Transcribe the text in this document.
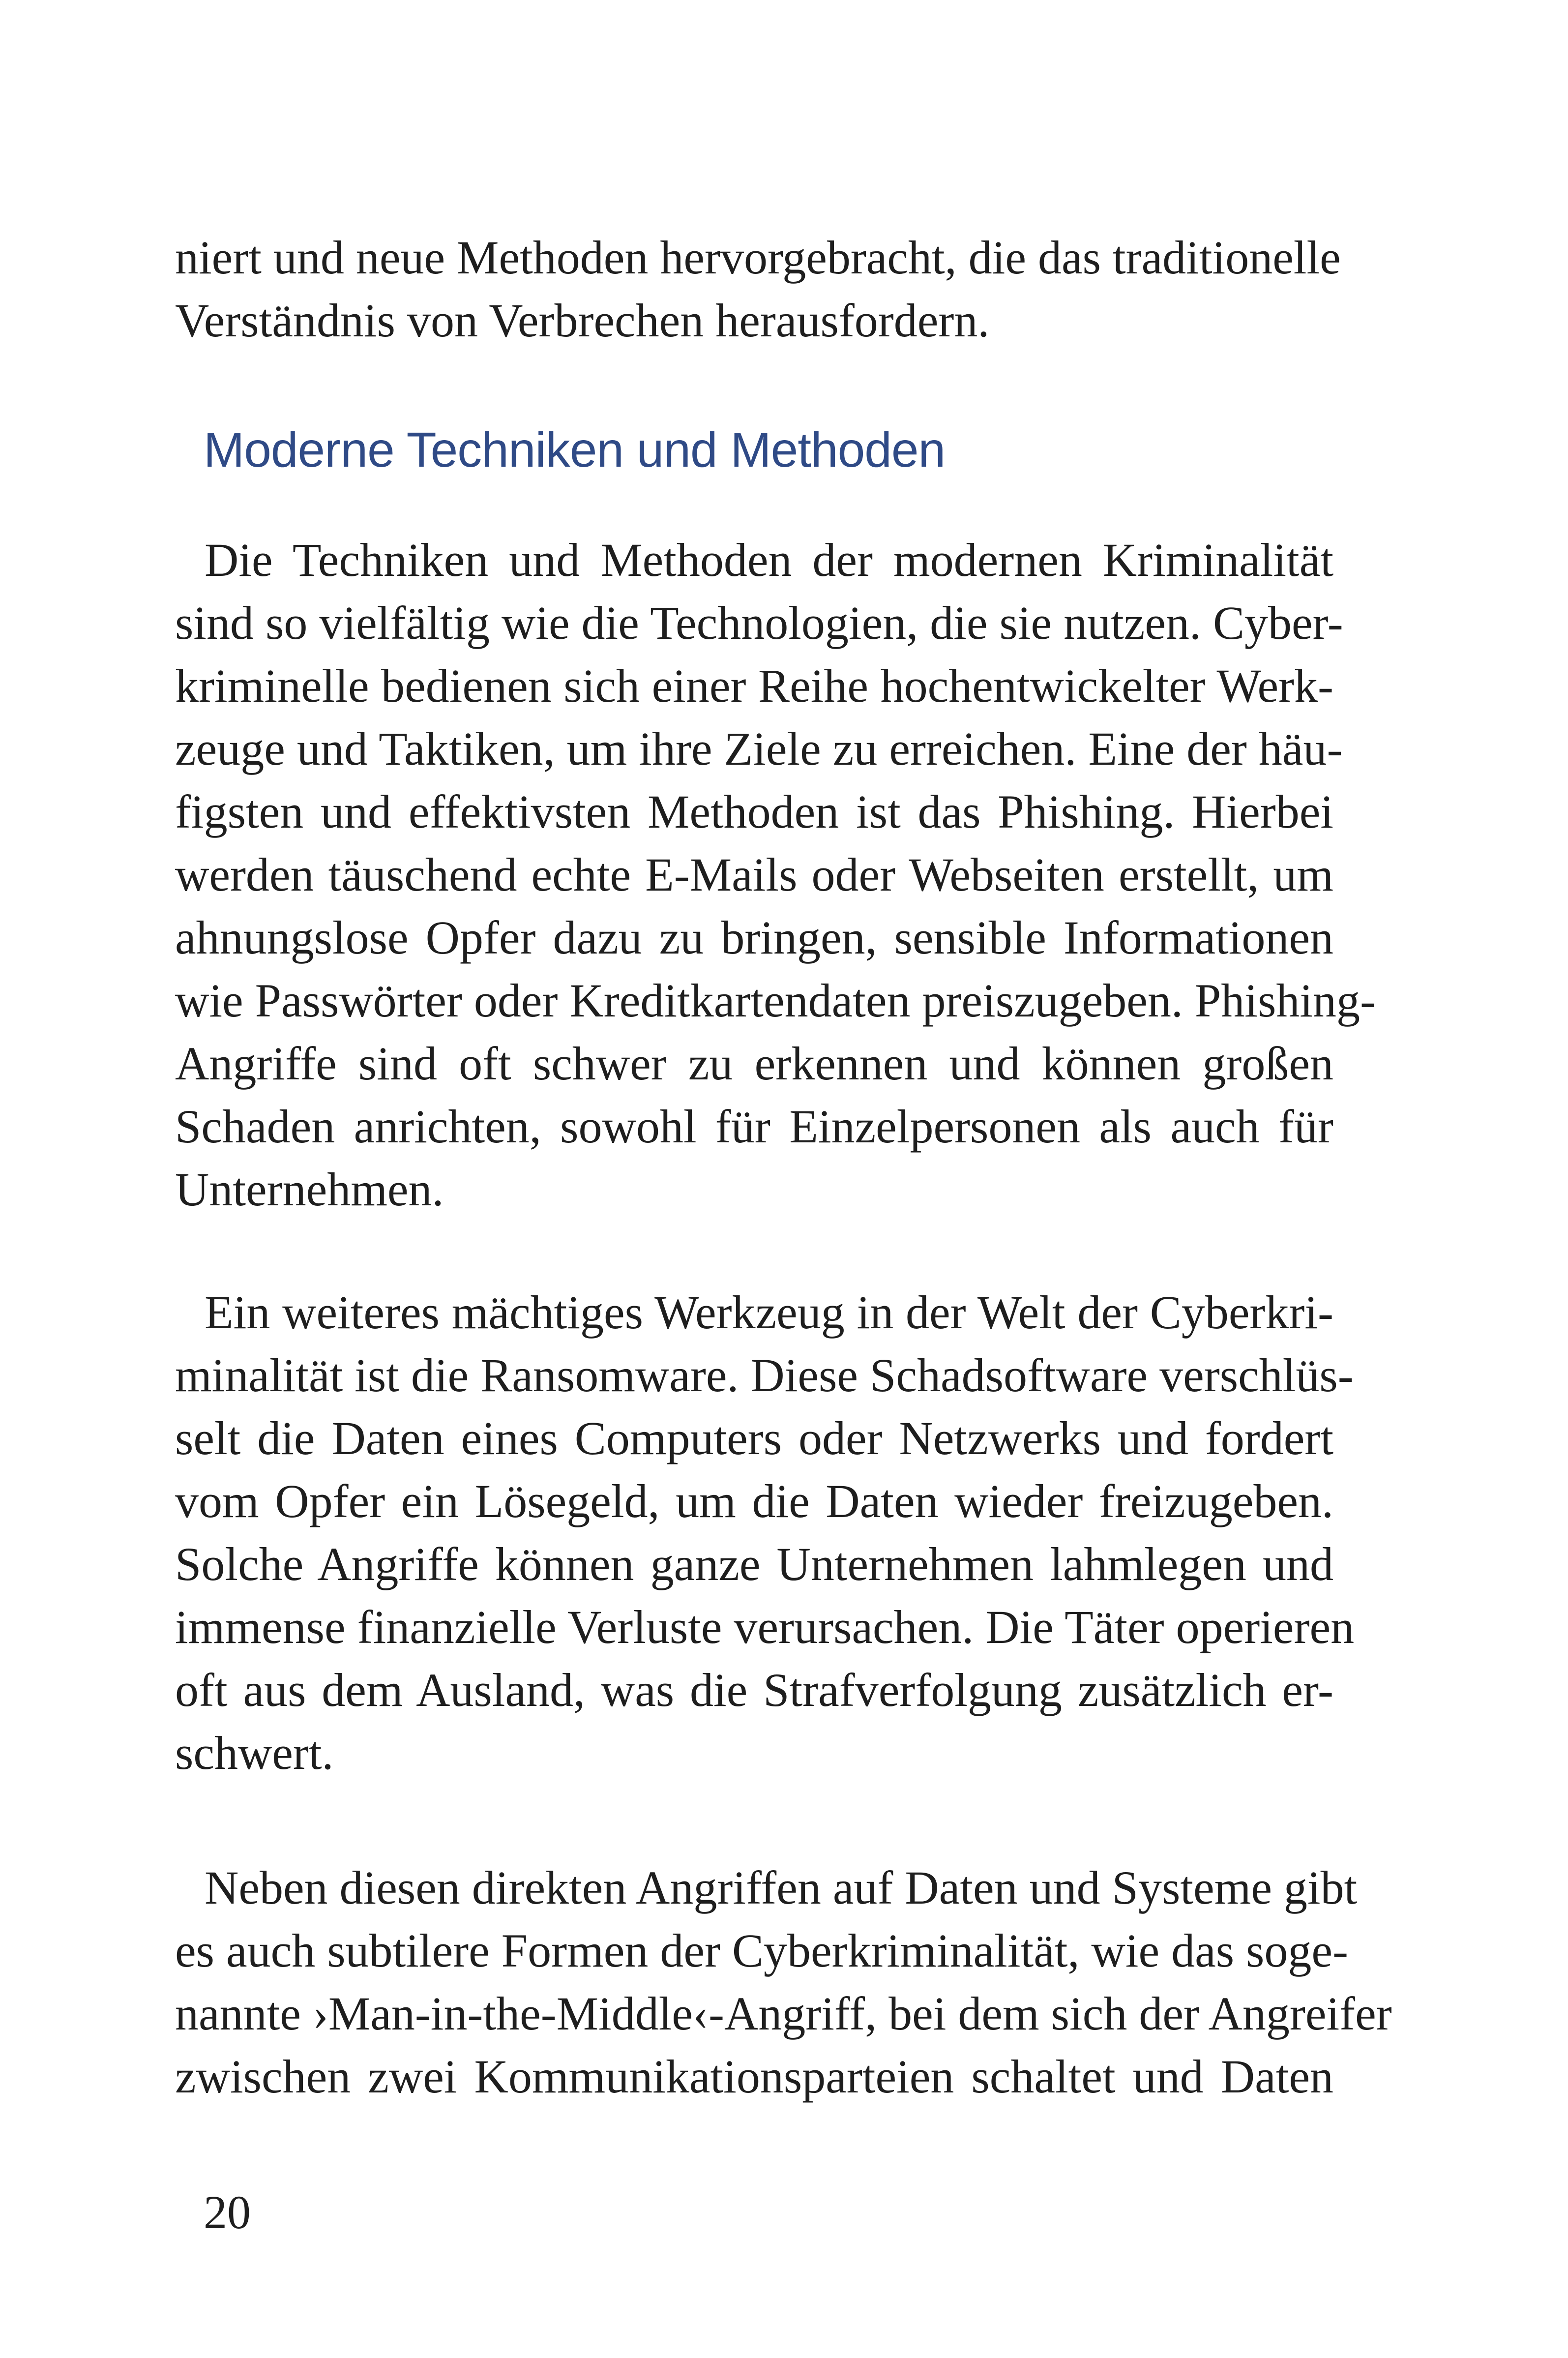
niert und neue Methoden hervorgebracht, die das traditionelle
Verständnis von Verbrechen herausfordern.
Moderne Techniken und Methoden
Die Techniken und Methoden der modernen Kriminalität
sind so vielfältig wie die Technologien, die sie nutzen. Cyber-
kriminelle bedienen sich einer Reihe hochentwickelter Werk-
zeuge und Taktiken, um ihre Ziele zu erreichen. Eine der häu-
figsten und effektivsten Methoden ist das Phishing. Hierbei
werden täuschend echte E-Mails oder Webseiten erstellt, um
ahnungslose Opfer dazu zu bringen, sensible Informationen
wie Passwörter oder Kreditkartendaten preiszugeben. Phishing-
Angriffe sind oft schwer zu erkennen und können großen
Schaden anrichten, sowohl für Einzelpersonen als auch für
Unternehmen.
Ein weiteres mächtiges Werkzeug in der Welt der Cyberkri-
minalität ist die Ransomware. Diese Schadsoftware verschlüs-
selt die Daten eines Computers oder Netzwerks und fordert
vom Opfer ein Lösegeld, um die Daten wieder freizugeben.
Solche Angriffe können ganze Unternehmen lahmlegen und
immense finanzielle Verluste verursachen. Die Täter operieren
oft aus dem Ausland, was die Strafverfolgung zusätzlich er-
schwert.
Neben diesen direkten Angriffen auf Daten und Systeme gibt
es auch subtilere Formen der Cyberkriminalität, wie das soge-
nannte ›Man-in-the-Middle‹-Angriff, bei dem sich der Angreifer
zwischen zwei Kommunikationsparteien schaltet und Daten
20
